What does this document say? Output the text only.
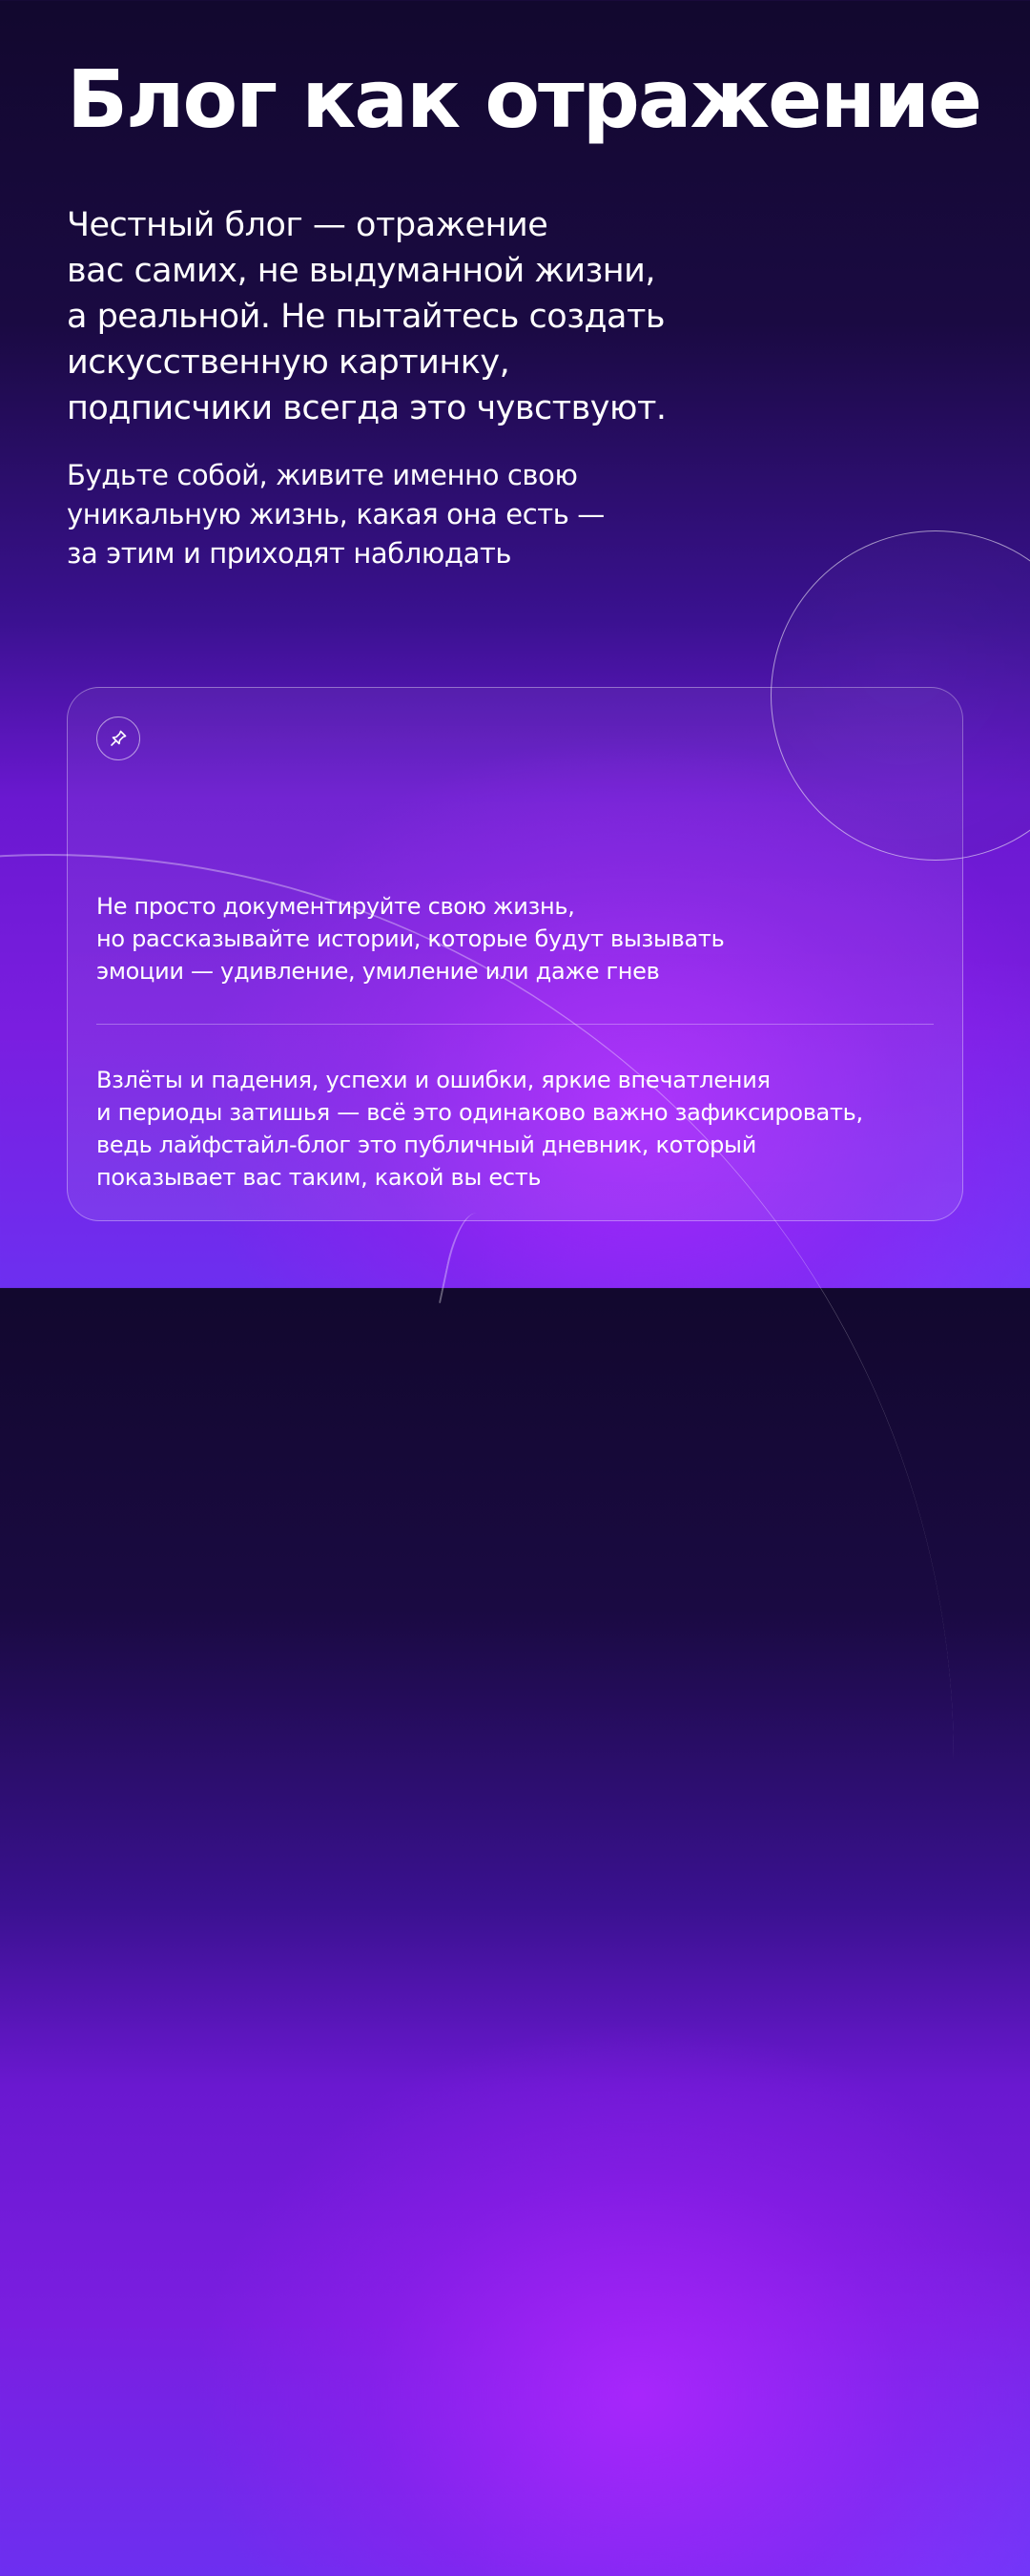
Блог как отражение
Честный блог — отражение
вас самих, не выдуманной жизни,
а реальной. Не пытайтесь создать
искусственную картинку,
подписчики всегда это чувствуют.
Будьте собой, живите именно свою
уникальную жизнь, какая она есть —
за этим и приходят наблюдать
Не просто документируйте свою жизнь,
но рассказывайте истории, которые будут вызывать
эмоции — удивление, умиление или даже гнев
Взлёты и падения, успехи и ошибки, яркие впечатления
и периоды затишья — всё это одинаково важно зафиксировать,
ведь лайфстайл-блог это публичный дневник, который
показывает вас таким, какой вы есть
